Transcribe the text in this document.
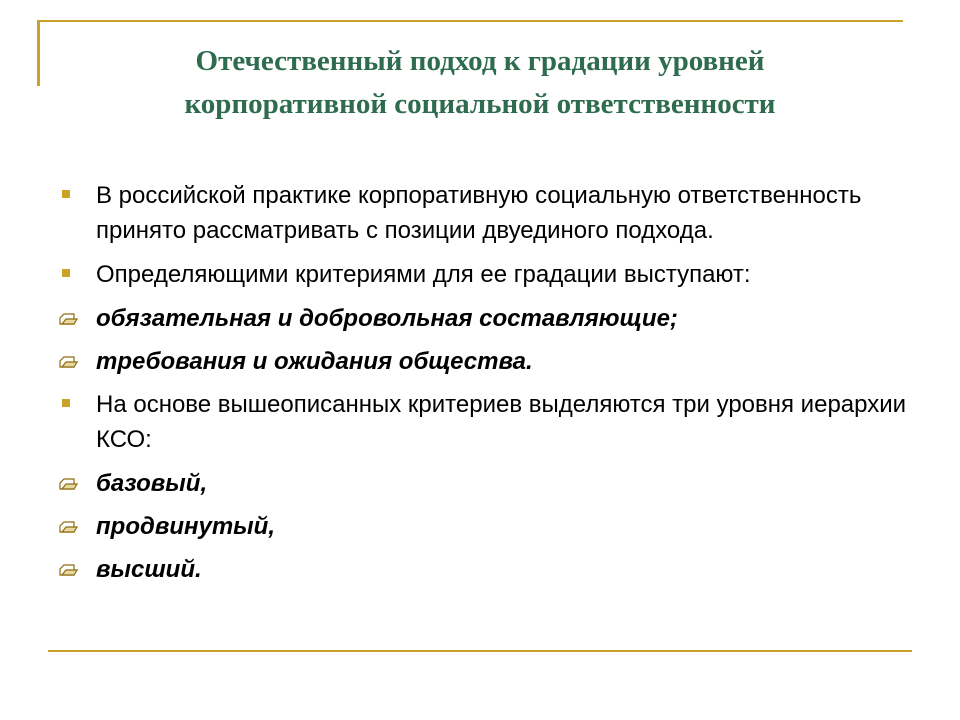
Отечественный подход к градации уровней
корпоративной социальной ответственности
В российской практике корпоративную социальную ответственность принято рассматривать с позиции двуединого подхода.
Определяющими критериями для ее градации выступают:
обязательная и добровольная составляющие;
требования и ожидания общества.
На основе вышеописанных критериев выделяются три уровня иерархии КСО:
базовый,
продвинутый,
высший.
